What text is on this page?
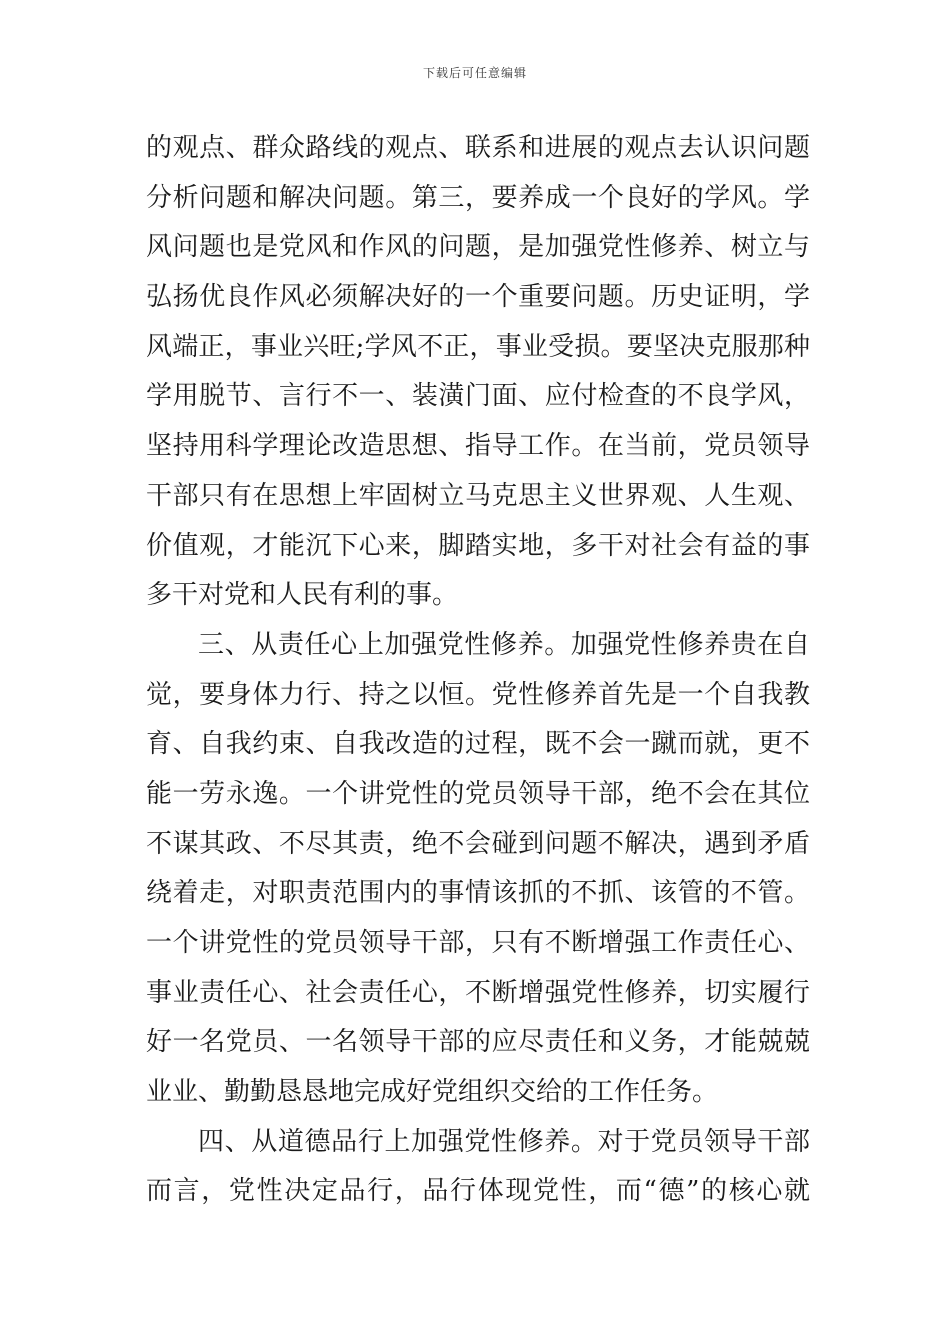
下载后可任意编辑
的观点、群众路线的观点、联系和进展的观点去认识问题
分析问题和解决问题。第三，要养成一个良好的学风。学
风问题也是党风和作风的问题，是加强党性修养、树立与
弘扬优良作风必须解决好的一个重要问题。历史证明，学
风端正，事业兴旺;学风不正，事业受损。要坚决克服那种
学用脱节、言行不一、装潢门面、应付检查的不良学风，
坚持用科学理论改造思想、指导工作。在当前，党员领导
干部只有在思想上牢固树立马克思主义世界观、人生观、
价值观，才能沉下心来，脚踏实地，多干对社会有益的事
多干对党和人民有利的事。
三、从责任心上加强党性修养。加强党性修养贵在自
觉，要身体力行、持之以恒。党性修养首先是一个自我教
育、自我约束、自我改造的过程，既不会一蹴而就，更不
能一劳永逸。一个讲党性的党员领导干部，绝不会在其位
不谋其政、不尽其责，绝不会碰到问题不解决，遇到矛盾
绕着走，对职责范围内的事情该抓的不抓、该管的不管。
一个讲党性的党员领导干部，只有不断增强工作责任心、
事业责任心、社会责任心，不断增强党性修养，切实履行
好一名党员、一名领导干部的应尽责任和义务，才能兢兢
业业、勤勤恳恳地完成好党组织交给的工作任务。
四、从道德品行上加强党性修养。对于党员领导干部
而言，党性决定品行，品行体现党性，而“德”的核心就
